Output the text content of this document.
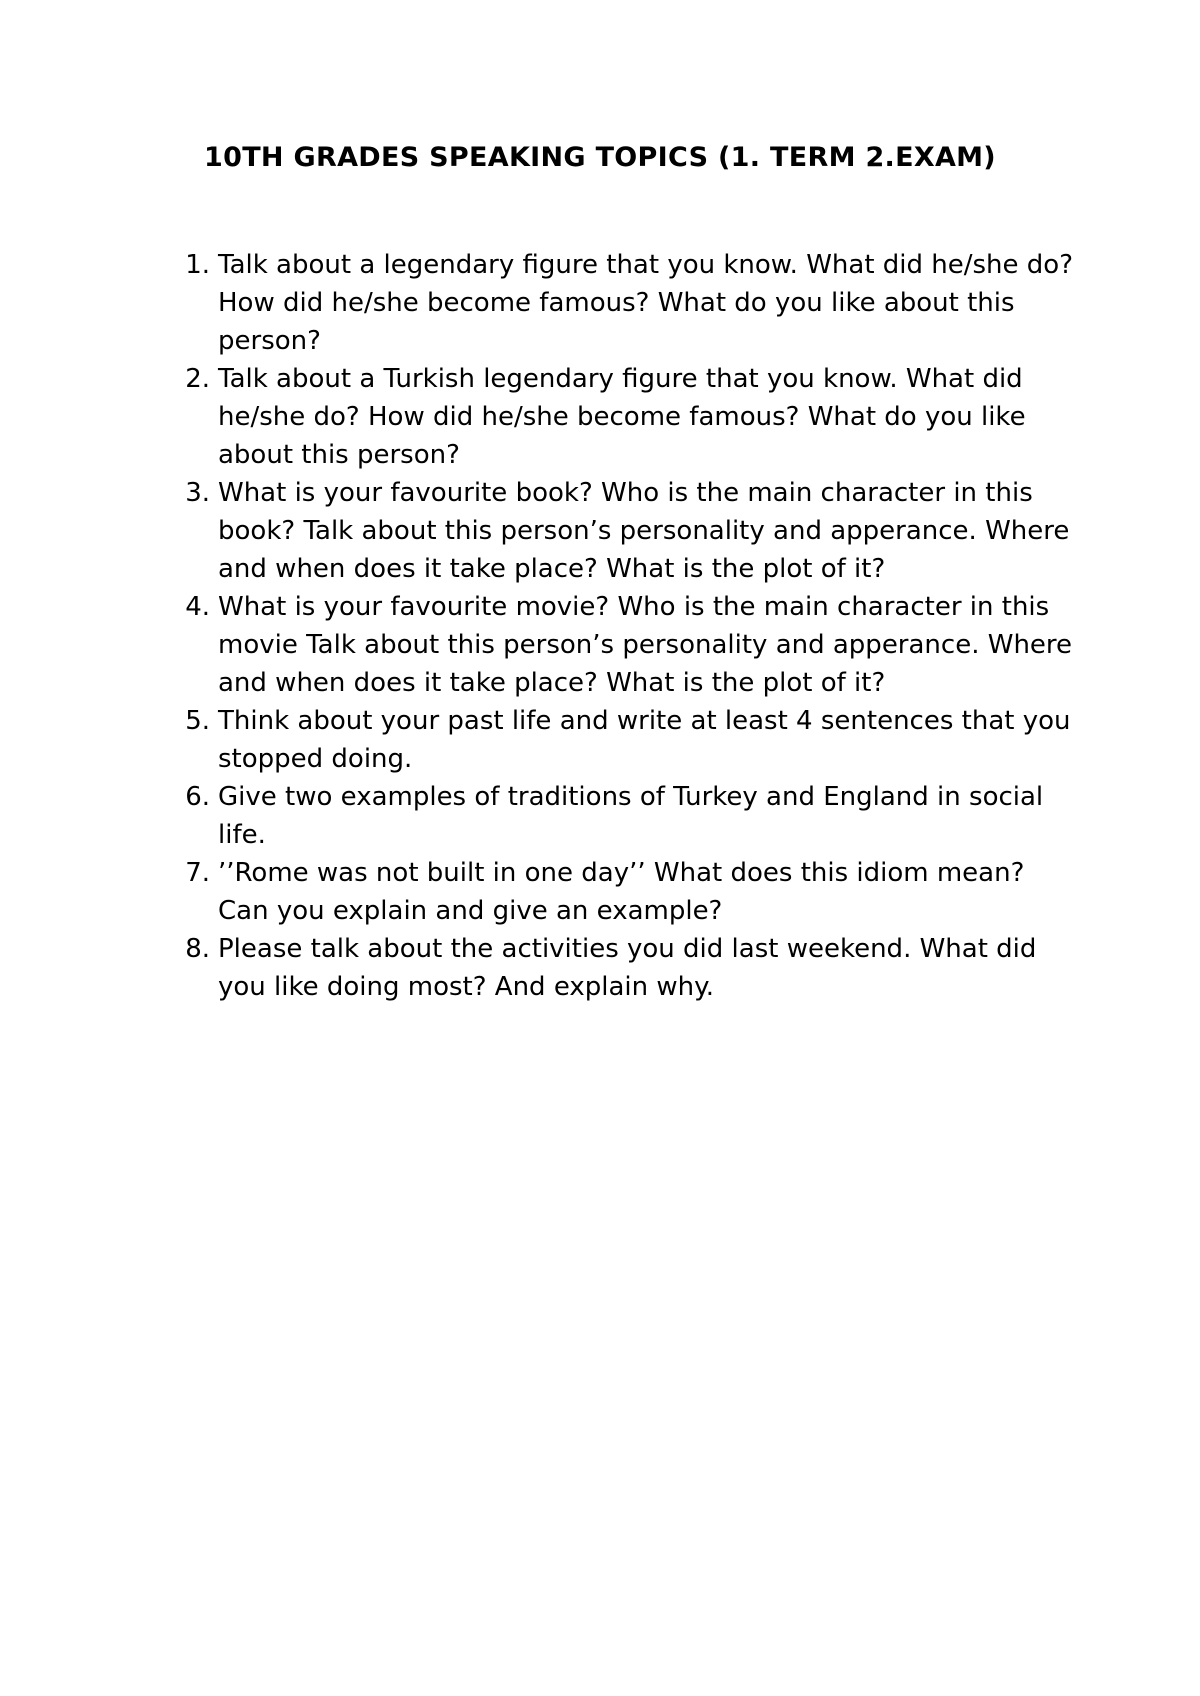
10TH GRADES SPEAKING TOPICS (1. TERM 2.EXAM)
1. Talk about a legendary figure that you know. What did he/she do? How did he/she become famous? What do you like about this person?
2. Talk about a Turkish legendary figure that you know. What did he/she do? How did he/she become famous? What do you like about this person?
3. What is your favourite book? Who is the main character in this book? Talk about this person’s personality and apperance. Where and when does it take place? What is the plot of it?
4. What is your favourite movie? Who is the main character in this movie Talk about this person’s personality and apperance. Where and when does it take place? What is the plot of it?
5. Think about your past life and write at least 4 sentences that you stopped doing.
6. Give two examples of traditions of Turkey and England in social life.
7. ’’Rome was not built in one day’’ What does this idiom mean? Can you explain and give an example?
8. Please talk about the activities you did last weekend. What did you like doing most? And explain why.
